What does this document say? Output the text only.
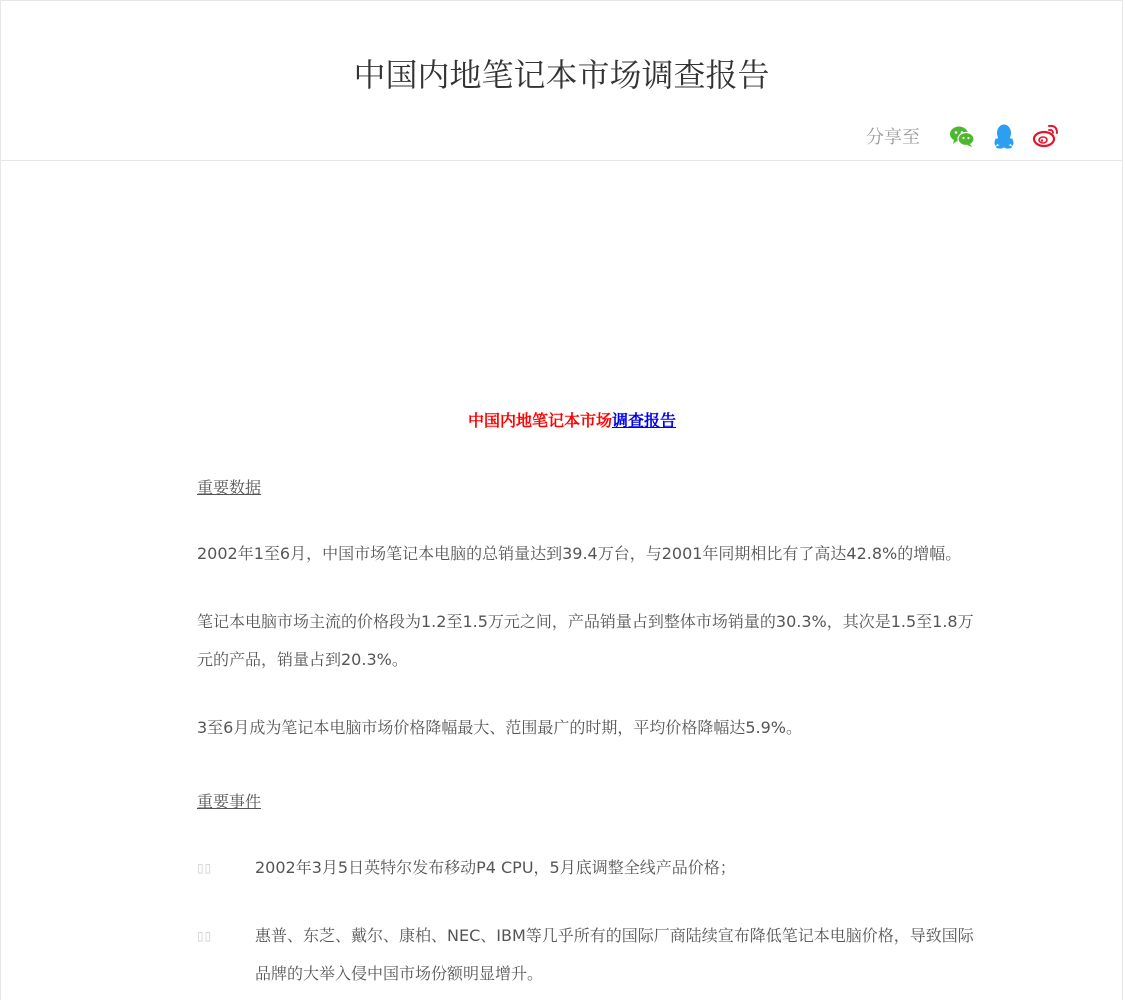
中国内地笔记本市场调查报告
分享至
中国内地笔记本市场调查报告

重要数据

2002年1至6月，中国市场笔记本电脑的总销量达到39.4万台，与2001年同期相比有了高达42.8%的增幅。

笔记本电脑市场主流的价格段为1.2至1.5万元之间，产品销量占到整体市场销量的30.3%，其次是1.5至1.8万元的产品，销量占到20.3%。

3至6月成为笔记本电脑市场价格降幅最大、范围最广的时期，平均价格降幅达5.9%。

重要事件

▯▯	2002年3月5日英特尔发布移动P4 CPU，5月底调整全线产品价格；
▯▯	惠普、东芝、戴尔、康柏、NEC、IBM等几乎所有的国际厂商陆续宣布降低笔记本电脑价格，导致国际品牌的大举入侵中国市场份额明显增升。
